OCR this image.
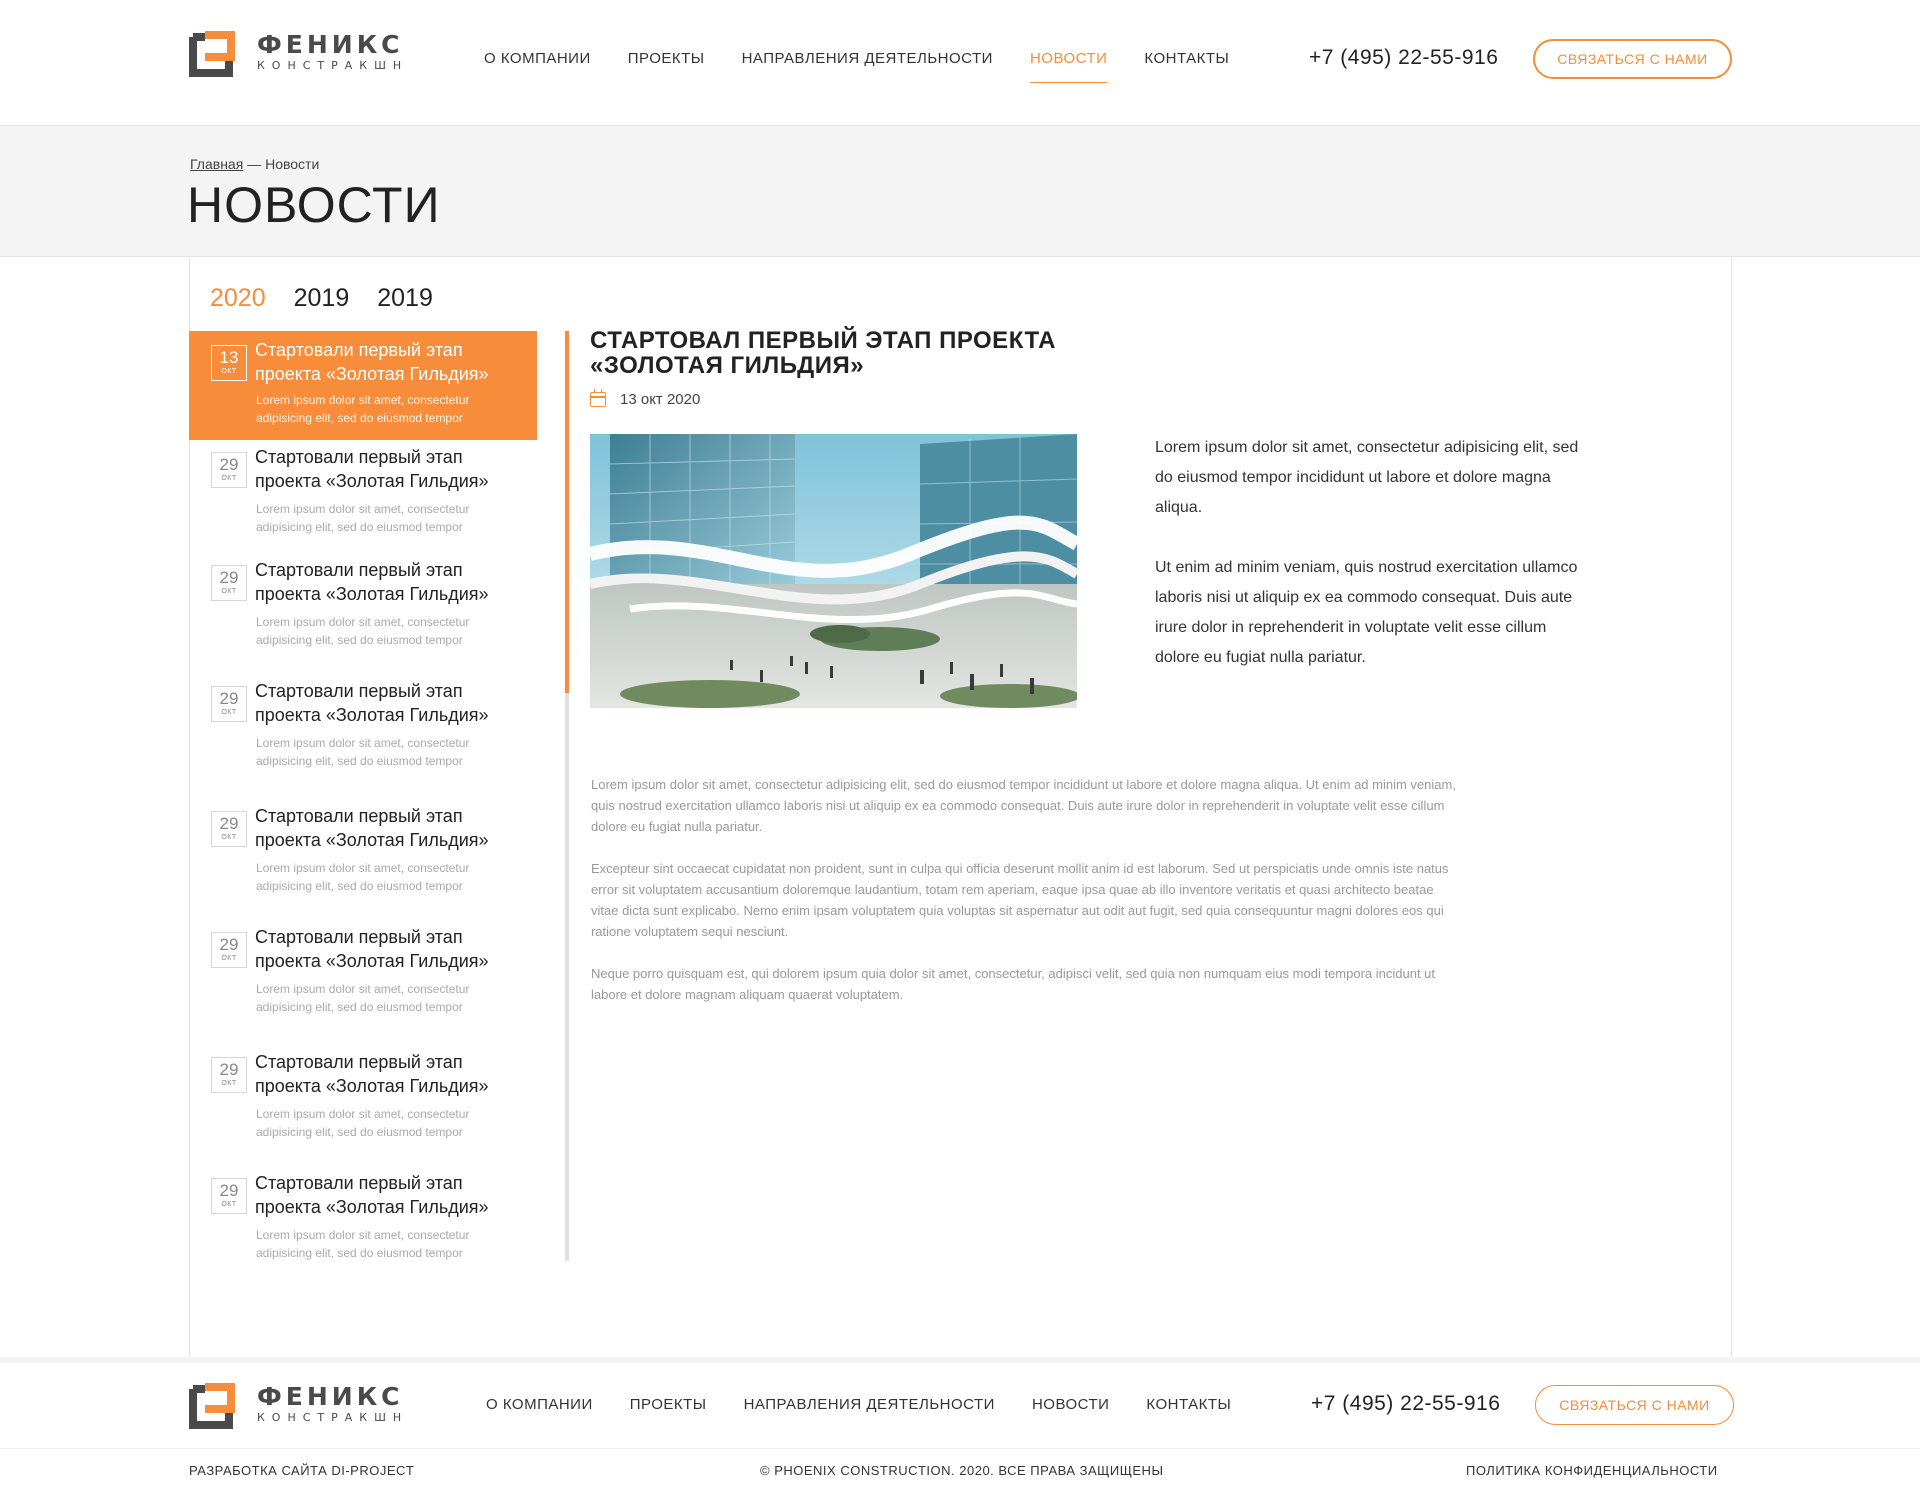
ФЕНИКС
КОНСТРАКШН	О КОМПАНИИ ПРОЕКТЫ НАПРАВЛЕНИЯ ДЕЯТЕЛЬНОСТИ НОВОСТИ КОНТАКТЫ	+7 (495) 22-55-916	СВЯЗАТЬСЯ С НАМИ
Главная — Новости
НОВОСТИ
2020 2019 2019
13
ОКТ
Стартовали первый этап проекта «Золотая Гильдия»
Lorem ipsum dolor sit amet, consectetur adipisicing elit, sed do eiusmod tempor
29
ОКТ
Стартовали первый этап проекта «Золотая Гильдия»
Lorem ipsum dolor sit amet, consectetur adipisicing elit, sed do eiusmod tempor
29
ОКТ
Стартовали первый этап проекта «Золотая Гильдия»
Lorem ipsum dolor sit amet, consectetur adipisicing elit, sed do eiusmod tempor
29
ОКТ
Стартовали первый этап проекта «Золотая Гильдия»
Lorem ipsum dolor sit amet, consectetur adipisicing elit, sed do eiusmod tempor
29
ОКТ
Стартовали первый этап проекта «Золотая Гильдия»
Lorem ipsum dolor sit amet, consectetur adipisicing elit, sed do eiusmod tempor
29
ОКТ
Стартовали первый этап проекта «Золотая Гильдия»
Lorem ipsum dolor sit amet, consectetur adipisicing elit, sed do eiusmod tempor
29
ОКТ
Стартовали первый этап проекта «Золотая Гильдия»
Lorem ipsum dolor sit amet, consectetur adipisicing elit, sed do eiusmod tempor
29
ОКТ
Стартовали первый этап проекта «Золотая Гильдия»
Lorem ipsum dolor sit amet, consectetur adipisicing elit, sed do eiusmod tempor
СТАРТОВАЛ ПЕРВЫЙ ЭТАП ПРОЕКТА «ЗОЛОТАЯ ГИЛЬДИЯ»
13 окт 2020

Lorem ipsum dolor sit amet, consectetur adipisicing elit, sed do eiusmod tempor incididunt ut labore et dolore magna aliqua.

Ut enim ad minim veniam, quis nostrud exercitation ullamco laboris nisi ut aliquip ex ea commodo consequat. Duis aute irure dolor in reprehenderit in voluptate velit esse cillum dolore eu fugiat nulla pariatur.

Lorem ipsum dolor sit amet, consectetur adipisicing elit, sed do eiusmod tempor incididunt ut labore et dolore magna aliqua. Ut enim ad minim veniam, quis nostrud exercitation ullamco laboris nisi ut aliquip ex ea commodo consequat. Duis aute irure dolor in reprehenderit in voluptate velit esse cillum dolore eu fugiat nulla pariatur.

Excepteur sint occaecat cupidatat non proident, sunt in culpa qui officia deserunt mollit anim id est laborum. Sed ut perspiciatis unde omnis iste natus error sit voluptatem accusantium doloremque laudantium, totam rem aperiam, eaque ipsa quae ab illo inventore veritatis et quasi architecto beatae vitae dicta sunt explicabo. Nemo enim ipsam voluptatem quia voluptas sit aspernatur aut odit aut fugit, sed quia consequuntur magni dolores eos qui ratione voluptatem sequi nesciunt.

Neque porro quisquam est, qui dolorem ipsum quia dolor sit amet, consectetur, adipisci velit, sed quia non numquam eius modi tempora incidunt ut labore et dolore magnam aliquam quaerat voluptatem.

ФЕНИКС
КОНСТРАКШН
О КОМПАНИИ ПРОЕКТЫ НАПРАВЛЕНИЯ ДЕЯТЕЛЬНОСТИ НОВОСТИ КОНТАКТЫ	+7 (495) 22-55-916	СВЯЗАТЬСЯ С НАМИ
РАЗРАБОТКА САЙТА DI-PROJECT	© PHOENIX CONSTRUCTION. 2020. ВСЕ ПРАВА ЗАЩИЩЕНЫ	ПОЛИТИКА КОНФИДЕНЦИАЛЬНОСТИ
